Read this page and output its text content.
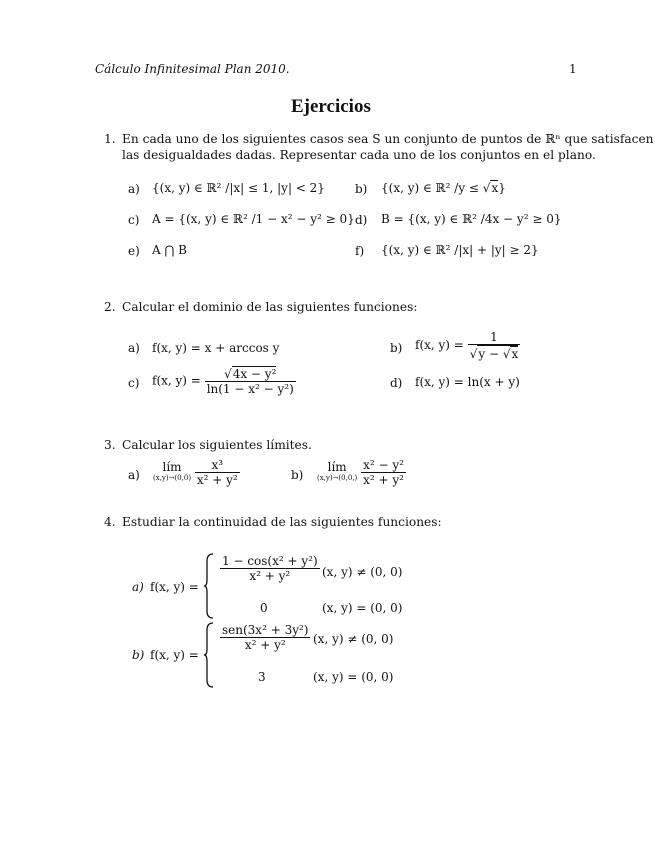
Cálculo Infinitesimal Plan 2010.	1
Ejercicios
1. En cada uno de los siguientes casos sea S un conjunto de puntos de ℝⁿ que satisfacen
las desigualdades dadas. Representar cada uno de los conjuntos en el plano.
a) {(x, y) ∈ ℝ² /|x| ≤ 1, |y| < 2}	b) {(x, y) ∈ ℝ² /y ≤ √x}
c) A = {(x, y) ∈ ℝ² /1 − x² − y² ≥ 0} d) B = {(x, y) ∈ ℝ² /4x − y² ≥ 0}
e) A ⋂ B	f) {(x, y) ∈ ℝ² /|x| + |y| ≥ 2}
2. Calcular el dominio de las siguientes funciones:
a) f(x, y) = x + arccos y	b) f(x, $y) = \frac{1}{√y - √x}$
c) f(x, $y) = \frac{\text{√4x − y²}}{\text{ln(1 − x² − y²)}}$	d) f(x, y) = ln(x + y)
3. Calcular los siguientes límites.
a)
lím
(x,y)→(0,0)
$\frac{\text{x³}}{\text{x² + y²}}$	b)
lím
(x,y)→(0,0,)
$\frac{\text{x² − y²}}{\text{x² + y²}}$
4. Estudiar la continuidad de las siguientes funciones:
a) f(x, y) =
$\frac{\text{1 − cos(x² + y²)}}{\text{x² + y²}} (x$, y) ≠ (0, 0)
0	(x, y) = (0, 0)
b) f(x, y) =
$\frac{\text{sen(3x² + 3y²)}}{\text{x² + y²}} (x$, y) ≠ (0, 0)
3	(x, y) = (0, 0)
